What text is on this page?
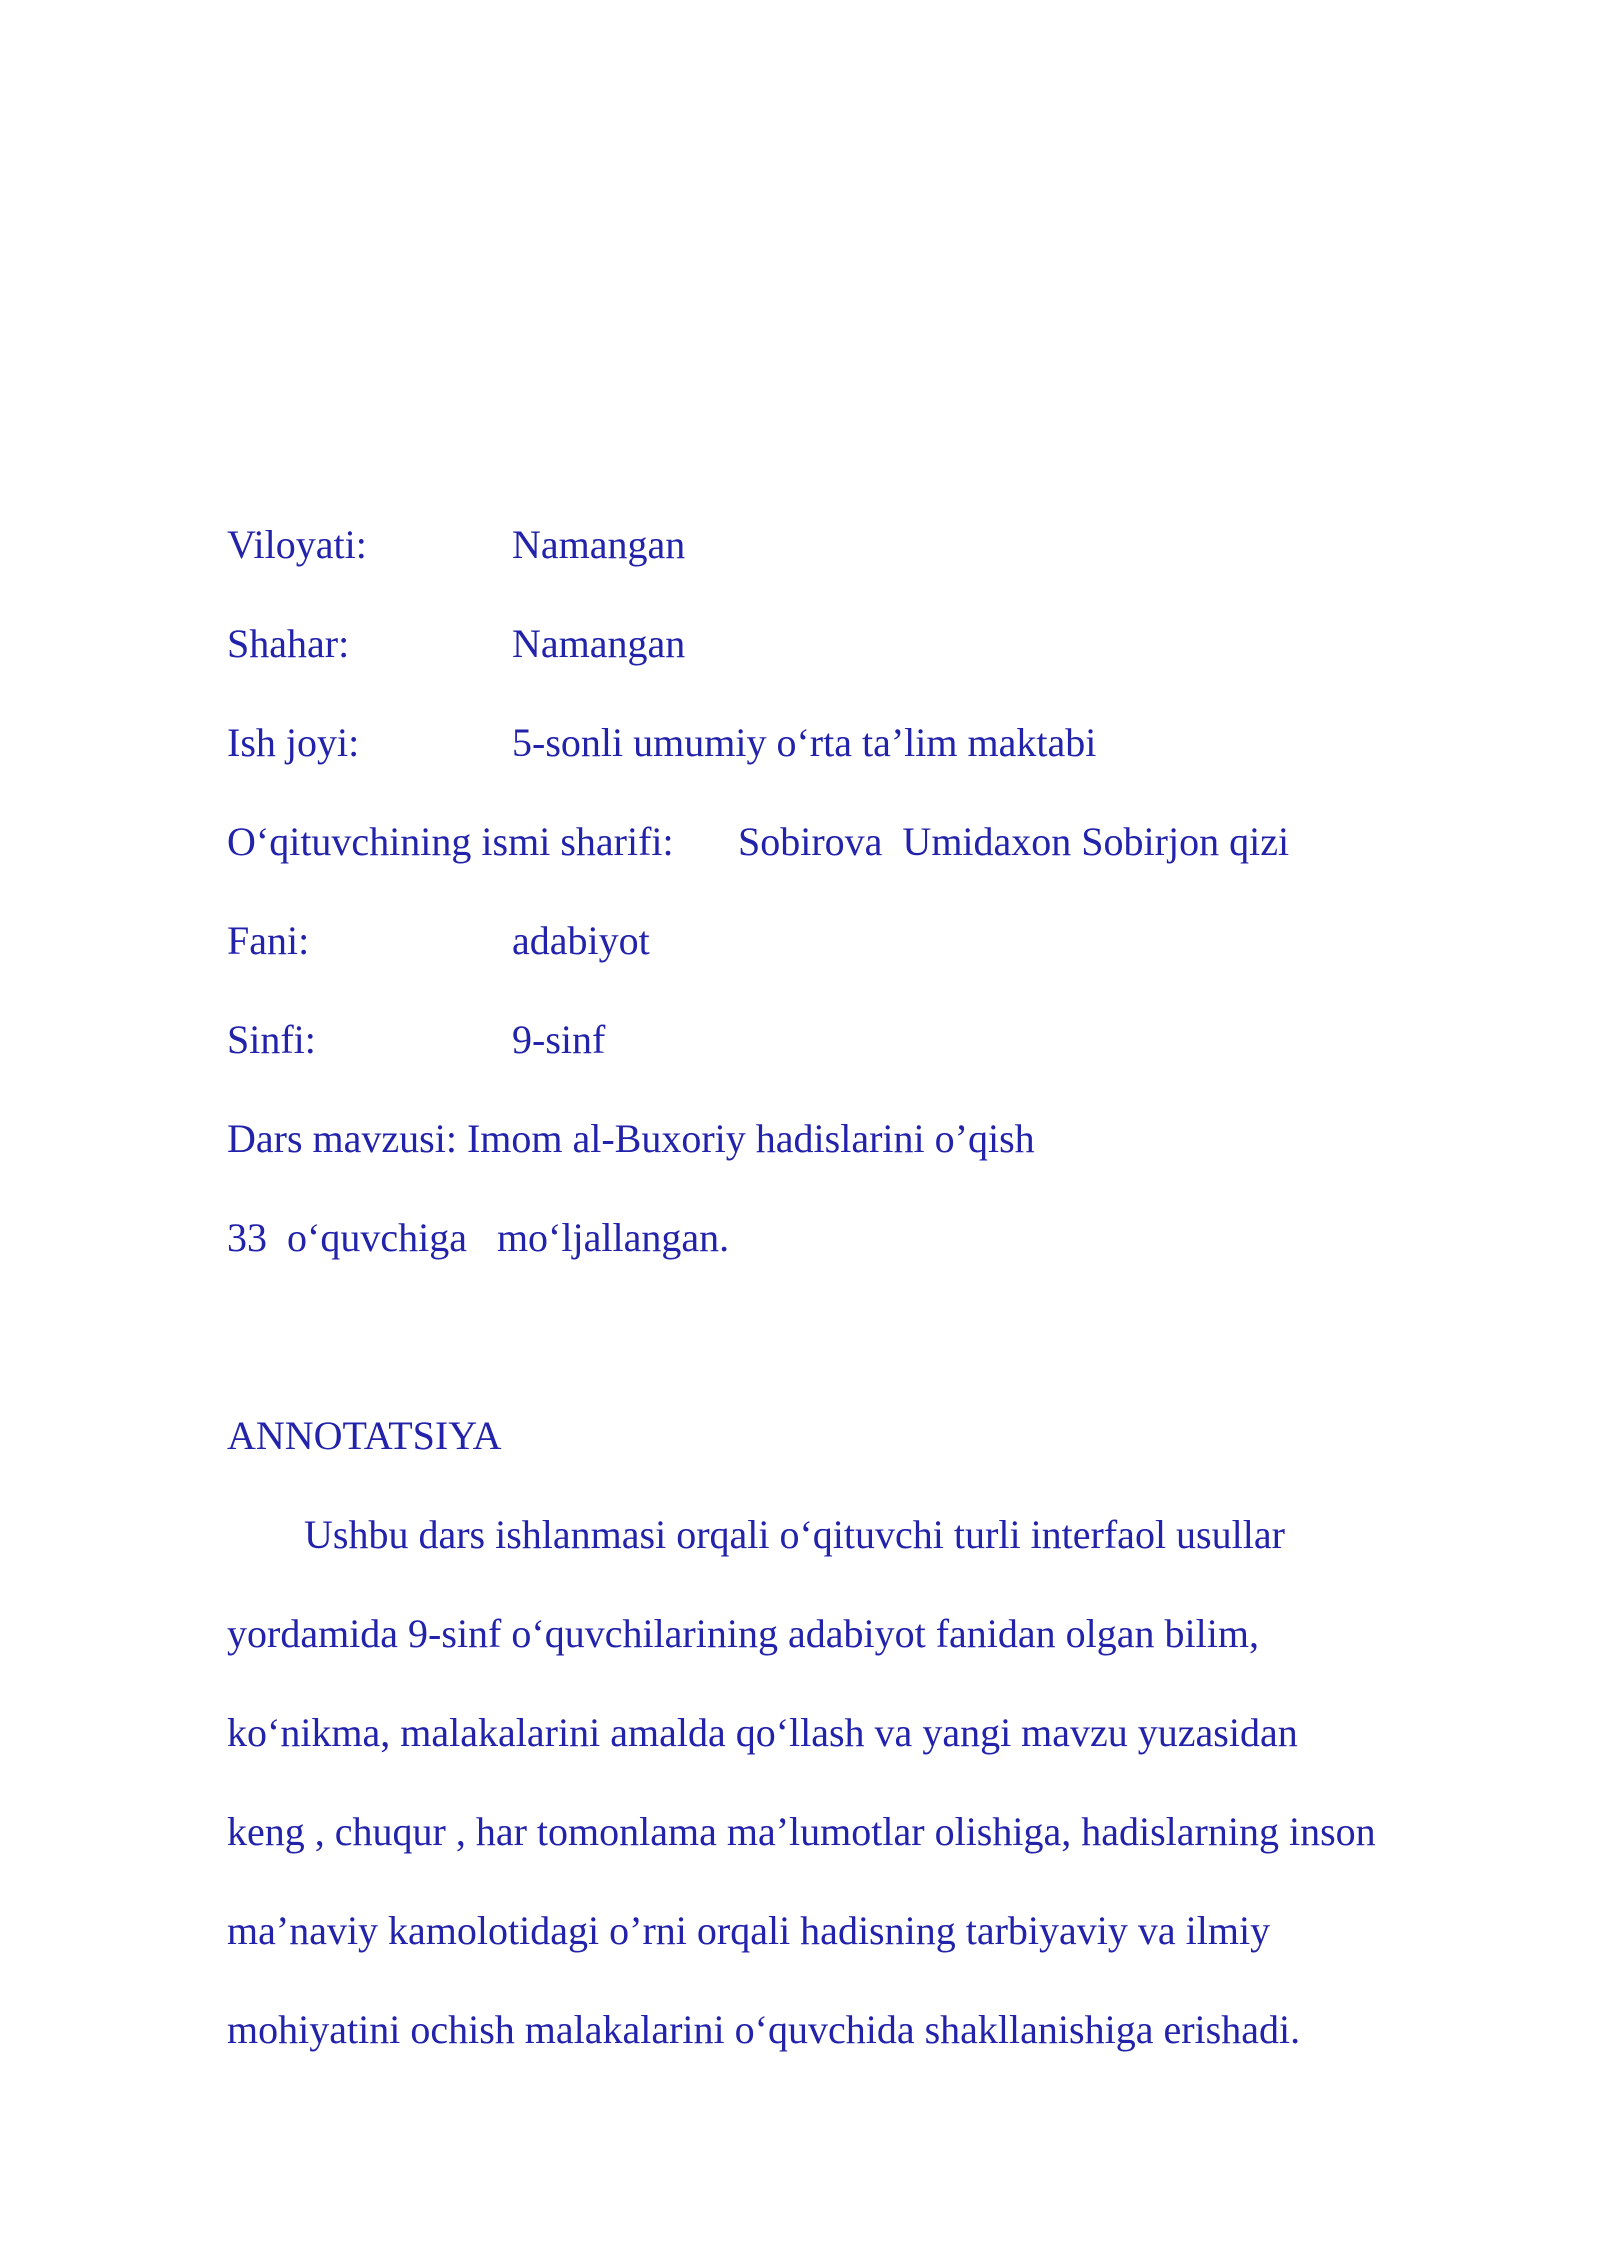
Viloyati:

	Namangan

Shahar:

	Namangan

Ish joyi:

	5-sonli umumiy o‘rta ta’lim maktabi

O‘qituvchining ismi sharifi:

Sobirova  Umidaxon Sobirjon qizi

Fani:

	adabiyot

Sinfi:

	9-sinf

Dars mavzusi: Imom al-Buxoriy hadislarini o’qish
33  o‘quvchiga   mo‘ljallangan.
ANNOTATSIYA
Ushbu dars ishlanmasi orqali o‘qituvchi turli interfaol usullar
yordamida 9-sinf o‘quvchilarining adabiyot fanidan olgan bilim,
ko‘nikma, malakalarini amalda qo‘llash va yangi mavzu yuzasidan
keng , chuqur , har tomonlama ma’lumotlar olishiga, hadislarning inson
ma’naviy kamolotidagi o’rni orqali hadisning tarbiyaviy va ilmiy
mohiyatini ochish malakalarini o‘quvchida shakllanishiga erishadi.
